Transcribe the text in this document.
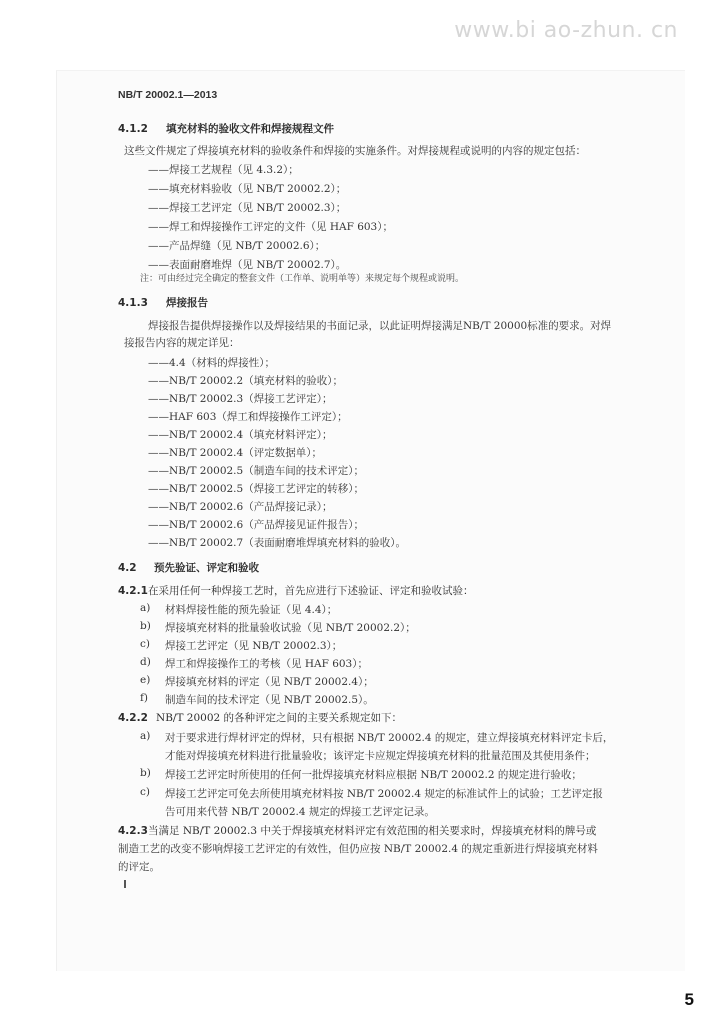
www.bi ao-zhun. cn
NB/T 20002.1—2013
4.1.2 填充材料的验收文件和焊接规程文件
这些文件规定了焊接填充材料的验收条件和焊接的实施条件。对焊接规程或说明的内容的规定包括：
——焊接工艺规程（见 4.3.2）；
——填充材料验收（见 NB/T 20002.2）；
——焊接工艺评定（见 NB/T 20002.3）；
——焊工和焊接操作工评定的文件（见 HAF 603）；
——产品焊缝（见 NB/T 20002.6）；
——表面耐磨堆焊（见 NB/T 20002.7）。
注：可由经过完全确定的整套文件（工作单、说明单等）来规定每个规程或说明。
4.1.3 焊接报告
焊接报告提供焊接操作以及焊接结果的书面记录，以此证明焊接满足NB/T 20000标准的要求。对焊
接报告内容的规定详见：
——4.4（材料的焊接性）；
——NB/T 20002.2（填充材料的验收）；
——NB/T 20002.3（焊接工艺评定）；
——HAF 603（焊工和焊接操作工评定）；
——NB/T 20002.4（填充材料评定）；
——NB/T 20002.4（评定数据单）；
——NB/T 20002.5（制造车间的技术评定）；
——NB/T 20002.5（焊接工艺评定的转移）；
——NB/T 20002.6（产品焊接记录）；
——NB/T 20002.6（产品焊接见证件报告）；
——NB/T 20002.7（表面耐磨堆焊填充材料的验收）。
4.2 预先验证、评定和验收
4.2.1在采用任何一种焊接工艺时，首先应进行下述验证、评定和验收试验：
a) 材料焊接性能的预先验证（见 4.4）；
b) 焊接填充材料的批量验收试验（见 NB/T 20002.2）；
c) 焊接工艺评定（见 NB/T 20002.3）；
d) 焊工和焊接操作工的考核（见 HAF 603）；
e) 焊接填充材料的评定（见 NB/T 20002.4）；
f) 制造车间的技术评定（见 NB/T 20002.5）。
4.2.2 NB/T 20002 的各种评定之间的主要关系规定如下：
a) 对于要求进行焊材评定的焊材，只有根据 NB/T 20002.4 的规定，建立焊接填充材料评定卡后，
才能对焊接填充材料进行批量验收；该评定卡应规定焊接填充材料的批量范围及其使用条件；
b) 焊接工艺评定时所使用的任何一批焊接填充材料应根据 NB/T 20002.2 的规定进行验收；
c) 焊接工艺评定可免去所使用填充材料按 NB/T 20002.4 规定的标准试件上的试验；工艺评定报
告可用来代替 NB/T 20002.4 规定的焊接工艺评定记录。
4.2.3当满足 NB/T 20002.3 中关于焊接填充材料评定有效范围的相关要求时，焊接填充材料的牌号或
制造工艺的改变不影响焊接工艺评定的有效性，但仍应按 NB/T 20002.4 的规定重新进行焊接填充材料
的评定。
5
